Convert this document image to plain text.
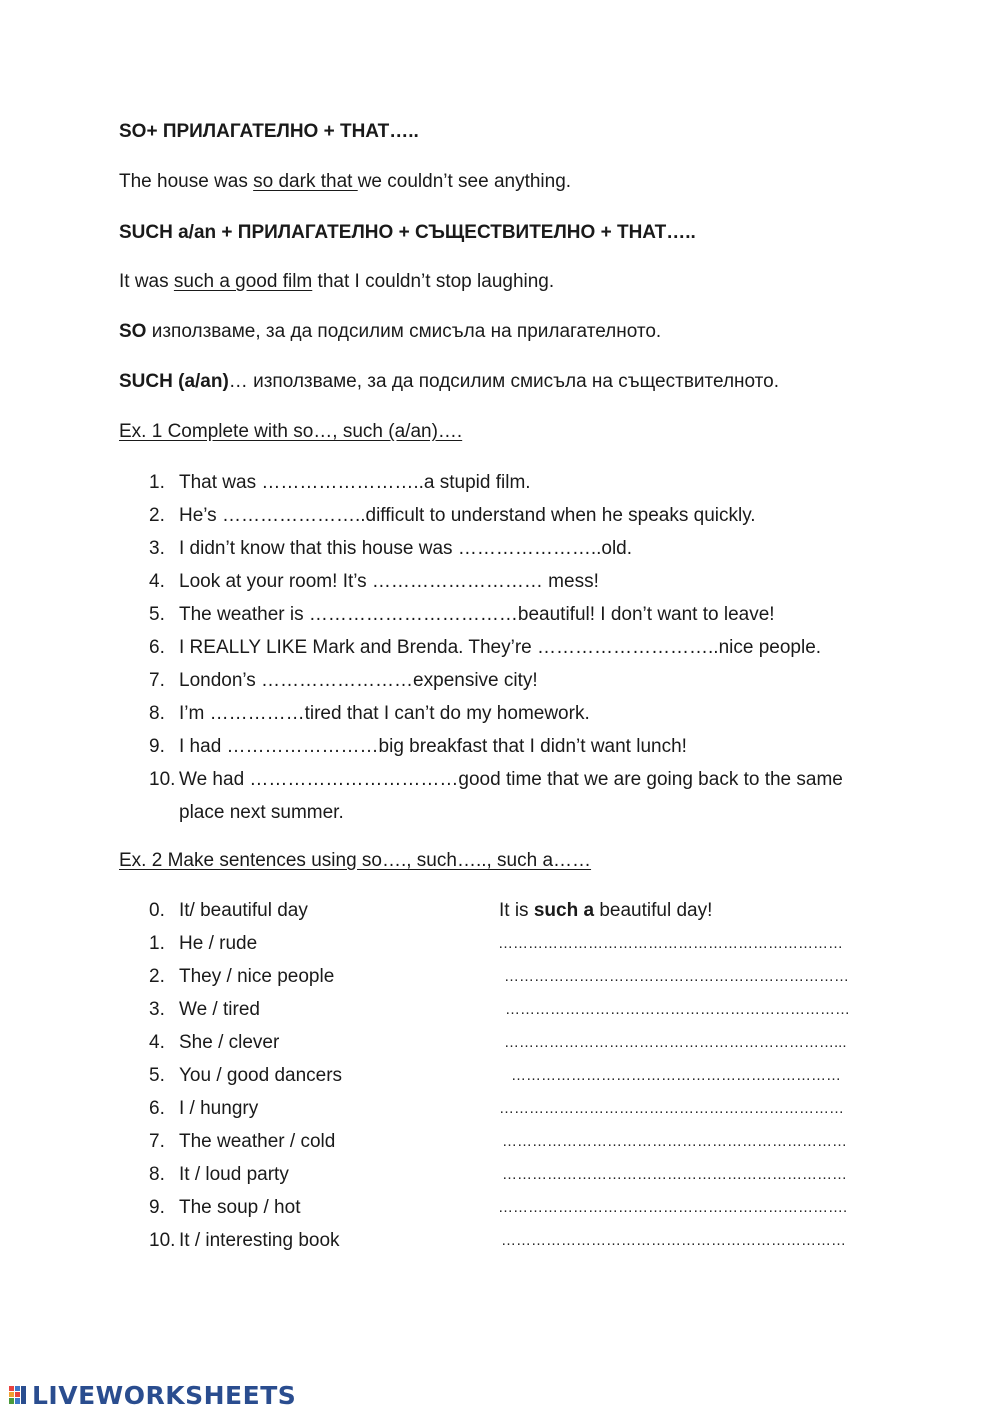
SO+ ПРИЛАГАТЕЛНО + THAT…..
The house was so dark that we couldn’t see anything.
SUCH a/an + ПРИЛАГАТЕЛНО + СЪЩЕСТВИТЕЛНО + THAT…..
It was such a good film that I couldn’t stop laughing.
SO използваме, за да подсилим смисъла на прилагателното.
SUCH (a/an)… използваме, за да подсилим смисъла на съществителното.
Ex. 1 Complete with so…, such (a/an)….
1. That was ……………………..a stupid film.
2. He’s …………………..difficult to understand when he speaks quickly.
3. I didn’t know that this house was …………………..old.
4. Look at your room! It’s ……………………… mess!
5. The weather is ……………………………beautiful! I don’t want to leave!
6. I REALLY LIKE Mark and Brenda. They’re ………………………..nice people.
7. London’s ……………………expensive city!
8. I’m ……………tired that I can’t do my homework.
9. I had ……………………big breakfast that I didn’t want lunch!
10. We had ……………………………good time that we are going back to the same place next summer.
Ex. 2 Make sentences using so…., such….., such a……
0. It/ beautiful day	It is such a beautiful day!
1. He / rude	……………………………………………………………
2. They / nice people	……………………………………………………………
3. We / tired	……………………………………………………………
4. She / clever	…………………………………………………………...
5. You / good dancers	…………………………………………………………
6. I / hungry	……………………………………………………………
7. The weather / cold	……………………………………………………………
8. It / loud party	……………………………………………………………
9. The soup / hot	…………………………………………………………….
10. It / interesting book	……………………………………………………………
LIVEWORKSHEETS
